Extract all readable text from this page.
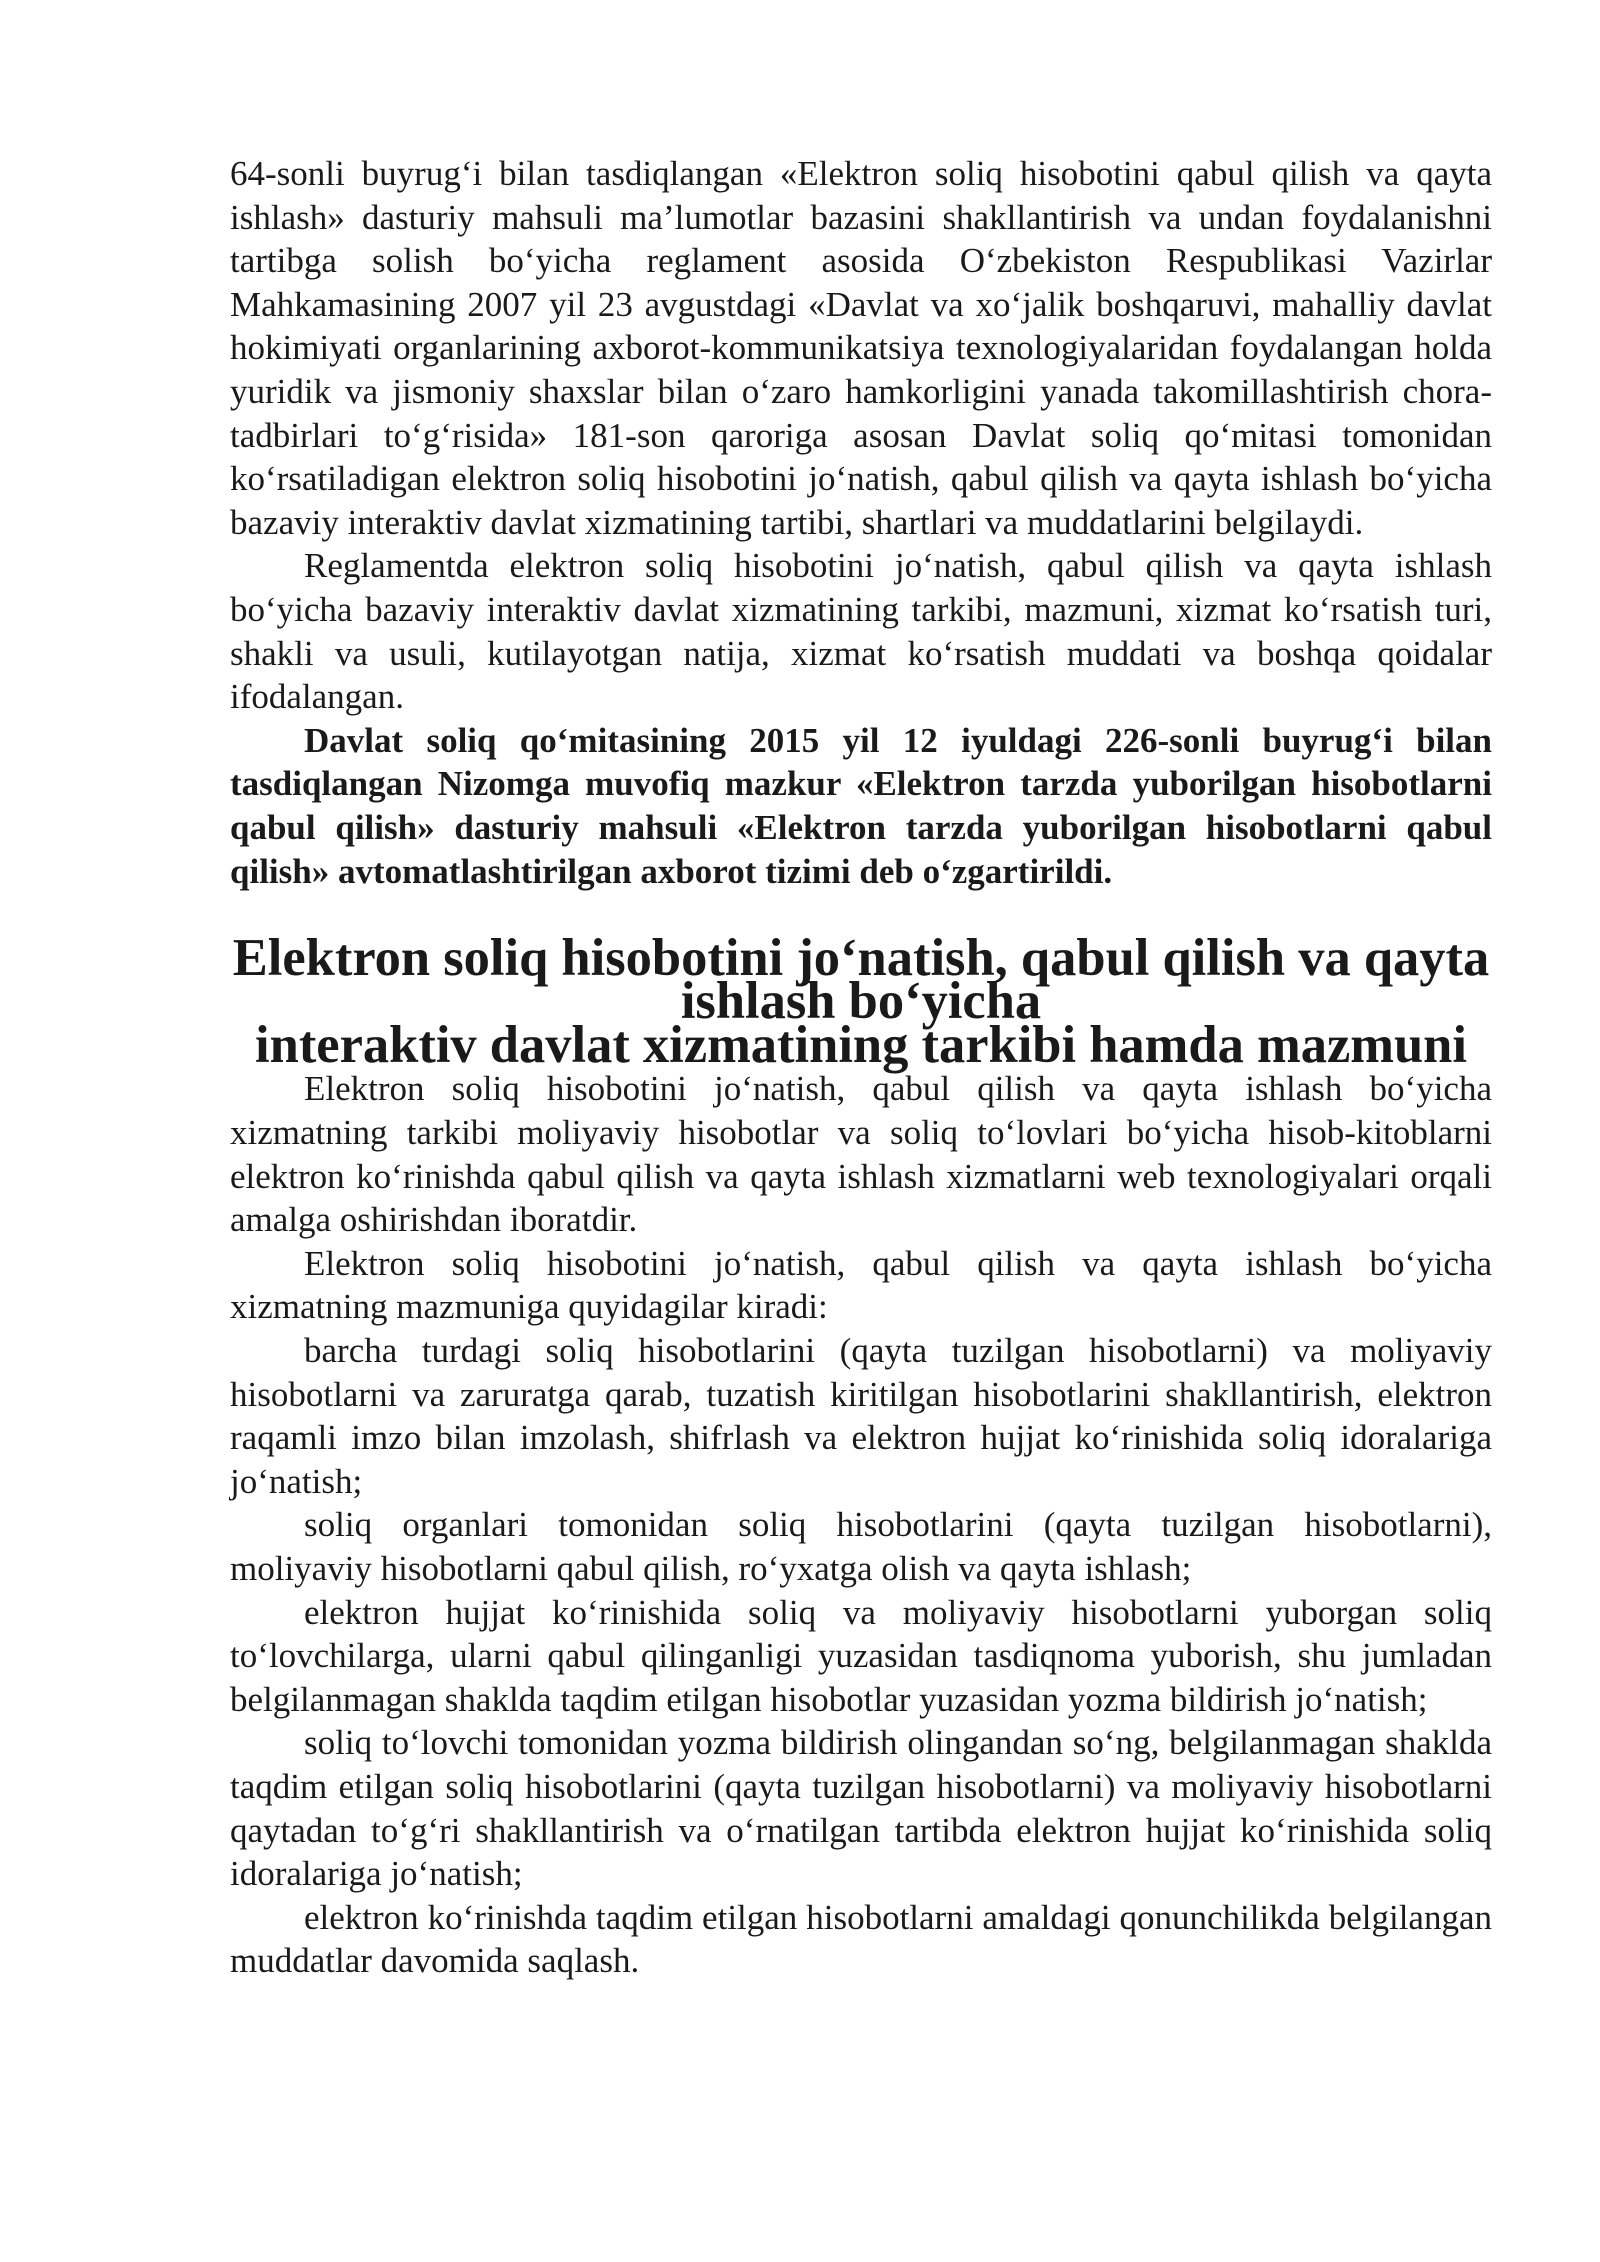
64-sonli buyrug‘i bilan tasdiqlangan «Elektron soliq hisobotini qabul qilish va qayta ishlash» dasturiy mahsuli ma’lumotlar bazasini shakllantirish va undan foydalanishni tartibga solish bo‘yicha reglament asosida O‘zbekiston Respublikasi Vazirlar Mahkamasining 2007 yil 23 avgustdagi «Davlat va xo‘jalik boshqaruvi, mahalliy davlat hokimiyati organlarining axborot-kommunikatsiya texnologiyalaridan foydalangan holda yuridik va jismoniy shaxslar bilan o‘zaro hamkorligini yanada takomillashtirish chora-tadbirlari to‘g‘risida» 181-son qaroriga asosan Davlat soliq qo‘mitasi tomonidan ko‘rsatiladigan elektron soliq hisobotini jo‘natish, qabul qilish va qayta ishlash bo‘yicha bazaviy interaktiv davlat xizmatining tartibi, shartlari va muddatlarini belgilaydi.

Reglamentda elektron soliq hisobotini jo‘natish, qabul qilish va qayta ishlash bo‘yicha bazaviy interaktiv davlat xizmatining tarkibi, mazmuni, xizmat ko‘rsatish turi, shakli va usuli, kutilayotgan natija, xizmat ko‘rsatish muddati va boshqa qoidalar ifodalangan.

Davlat soliq qo‘mitasining 2015 yil 12 iyuldagi 226-sonli buyrug‘i bilan tasdiqlangan Nizomga muvofiq mazkur «Elektron tarzda yuborilgan hisobotlarni qabul qilish» dasturiy mahsuli «Elektron tarzda yuborilgan hisobotlarni qabul qilish» avtomatlashtirilgan axborot tizimi deb o‘zgartirildi.

Elektron soliq hisobotini jo‘natish, qabul qilish va qayta ishlash bo‘yicha
interaktiv davlat xizmatining tarkibi hamda mazmuni

Elektron soliq hisobotini jo‘natish, qabul qilish va qayta ishlash bo‘yicha xizmatning tarkibi moliyaviy hisobotlar va soliq to‘lovlari bo‘yicha hisob-kitoblarni elektron ko‘rinishda qabul qilish va qayta ishlash xizmatlarni web texnologiyalari orqali amalga oshirishdan iboratdir.

Elektron soliq hisobotini jo‘natish, qabul qilish va qayta ishlash bo‘yicha xizmatning mazmuniga quyidagilar kiradi:

barcha turdagi soliq hisobotlarini (qayta tuzilgan hisobotlarni) va moliyaviy hisobotlarni va zaruratga qarab, tuzatish kiritilgan hisobotlarini shakllantirish, elektron raqamli imzo bilan imzolash, shifrlash va elektron hujjat ko‘rinishida soliq idoralariga jo‘natish;

soliq organlari tomonidan soliq hisobotlarini (qayta tuzilgan hisobotlarni), moliyaviy hisobotlarni qabul qilish, ro‘yxatga olish va qayta ishlash;

elektron hujjat ko‘rinishida soliq va moliyaviy hisobotlarni yuborgan soliq to‘lovchilarga, ularni qabul qilinganligi yuzasidan tasdiqnoma yuborish, shu jumladan belgilanmagan shaklda taqdim etilgan hisobotlar yuzasidan yozma bildirish jo‘natish;

soliq to‘lovchi tomonidan yozma bildirish olingandan so‘ng, belgilanmagan shaklda taqdim etilgan soliq hisobotlarini (qayta tuzilgan hisobotlarni) va moliyaviy hisobotlarni qaytadan to‘g‘ri shakllantirish va o‘rnatilgan tartibda elektron hujjat ko‘rinishida soliq idoralariga jo‘natish;

elektron ko‘rinishda taqdim etilgan hisobotlarni amaldagi qonunchilikda belgilangan muddatlar davomida saqlash.
